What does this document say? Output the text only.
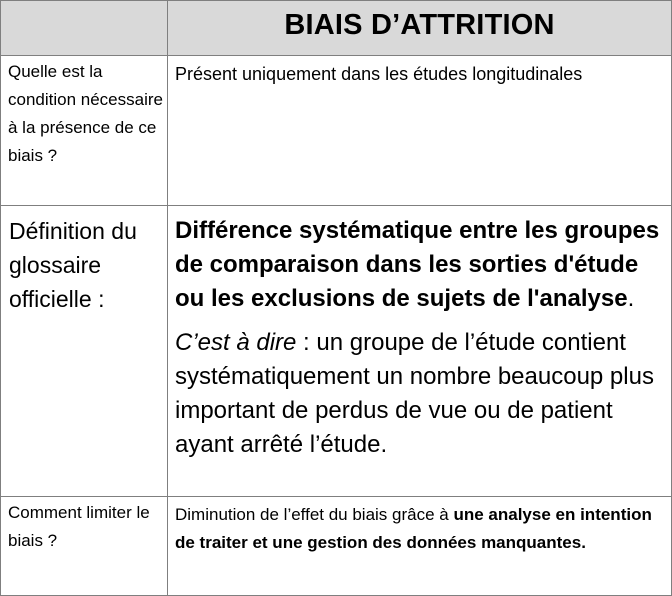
	BIAIS D’ATTRITION

Quelle est la condition nécessaire à la présence de ce biais ?	Présent uniquement dans les études longitudinales

Définition du glossaire officielle :	Différence systématique entre les groupes de comparaison dans les sorties d'étude ou les exclusions de sujets de l'analyse.

C’est à dire : un groupe de l’étude contient systématiquement un nombre beaucoup plus important de perdus de vue ou de patient ayant arrêté l’étude.

Comment limiter le biais ?	Diminution de l’effet du biais grâce à une analyse en intention de traiter et une gestion des données manquantes.
